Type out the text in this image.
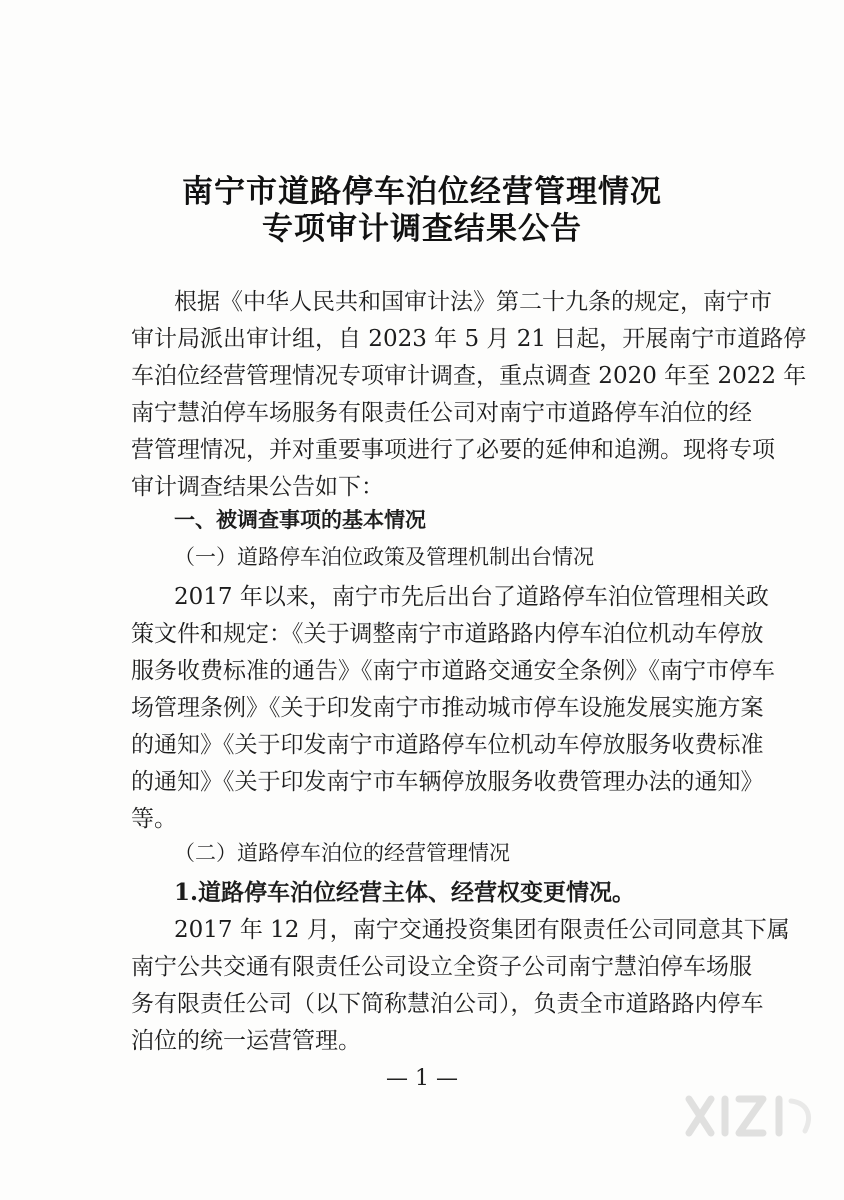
南宁市道路停车泊位经营管理情况
专项审计调查结果公告
根据《中华人民共和国审计法》第二十九条的规定，南宁市
审计局派出审计组，自 2023 年 5 月 21 日起，开展南宁市道路停
车泊位经营管理情况专项审计调查，重点调查 2020 年至 2022 年
南宁慧泊停车场服务有限责任公司对南宁市道路停车泊位的经
营管理情况，并对重要事项进行了必要的延伸和追溯。现将专项
审计调查结果公告如下：
一、被调查事项的基本情况
（一）道路停车泊位政策及管理机制出台情况
2017 年以来，南宁市先后出台了道路停车泊位管理相关政
策文件和规定：《关于调整南宁市道路路内停车泊位机动车停放
服务收费标准的通告》《南宁市道路交通安全条例》《南宁市停车
场管理条例》《关于印发南宁市推动城市停车设施发展实施方案
的通知》《关于印发南宁市道路停车位机动车停放服务收费标准
的通知》《关于印发南宁市车辆停放服务收费管理办法的通知》
等。
（二）道路停车泊位的经营管理情况
1.道路停车泊位经营主体、经营权变更情况。
2017 年 12 月，南宁交通投资集团有限责任公司同意其下属
南宁公共交通有限责任公司设立全资子公司南宁慧泊停车场服
务有限责任公司（以下简称慧泊公司），负责全市道路路内停车
泊位的统一运营管理。
— 1 —
